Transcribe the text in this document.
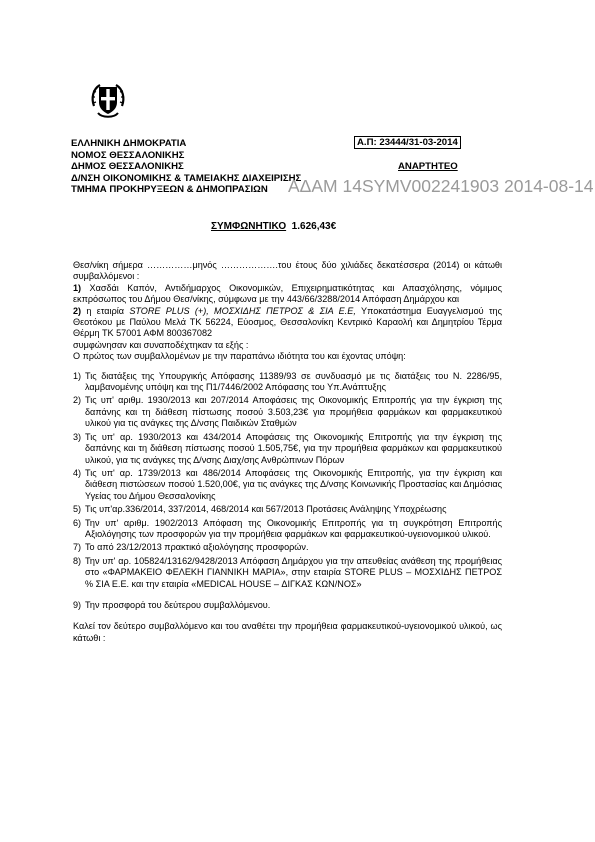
ΕΛΛΗΝΙΚΗ ΔΗΜΟΚΡΑΤΙΑ
ΝΟΜΟΣ ΘΕΣΣΑΛΟΝΙΚΗΣ
ΔΗΜΟΣ ΘΕΣΣΑΛΟΝΙΚΗΣ
Δ/ΝΣΗ ΟΙΚΟΝΟΜΙΚΗΣ & ΤΑΜΕΙΑΚΗΣ ΔΙΑΧΕΙΡΙΣΗΣ
ΤΜΗΜΑ ΠΡΟΚΗΡΥΞΕΩΝ & ΔΗΜΟΠΡΑΣΙΩΝ
Α.Π: 23444/31-03-2014
ΑΝΑΡΤΗΤΕΟ
ΑΔΑΜ 14SYMV002241903 2014-08-14
ΣΥΜΦΩΝΗΤΙΚΟ 1.626,43€

Θεσ/νίκη σήμερα ……………μηνός ……………….του έτους δύο χιλιάδες δεκατέσσερα (2014) οι κάτωθι συμβαλλόμενοι :

1) Χασδάι Καπόν, Αντιδήμαρχος Οικονομικών, Επιχειρηματικότητας και Απασχόλησης, νόμιμος εκπρόσωπος του Δήμου Θεσ/νίκης, σύμφωνα με την 443/66/3288/2014 Απόφαση Δημάρχου και

2) η εταιρία STORE PLUS (+), ΜΟΣΧΙΔΗΣ ΠΕΤΡΟΣ & ΣΙΑ Ε.Ε, Υποκατάστημα Ευαγγελισμού της Θεοτόκου με Παύλου Μελά ΤΚ 56224, Εύοσμος, Θεσσαλονίκη Κεντρικό Καραολή και Δημητρίου Τέρμα Θέρμη ΤΚ 57001 ΑΦΜ 800367082

συμφώνησαν και συναποδέχτηκαν τα εξής :

Ο πρώτος των συμβαλλομένων με την παραπάνω ιδιότητα του και έχοντας υπόψη:

1) Τις διατάξεις της Υπουργικής Απόφασης 11389/93 σε συνδυασμό με τις διατάξεις του Ν. 2286/95, λαμβανομένης υπόψη και της Π1/7446/2002 Απόφασης του Υπ.Ανάπτυξης
2) Τις υπ' αριθμ. 1930/2013 και 207/2014 Αποφάσεις της Οικονομικής Επιτροπής για την έγκριση της δαπάνης και τη διάθεση πίστωσης ποσού 3.503,23€ για προμήθεια φαρμάκων και φαρμακευτικού υλικού για τις ανάγκες της Δ/νσης Παιδικών Σταθμών
3) Τις υπ' αρ. 1930/2013 και 434/2014 Αποφάσεις της Οικονομικής Επιτροπής για την έγκριση της δαπάνης και τη διάθεση πίστωσης ποσού 1.505,75€, για την προμήθεια φαρμάκων και φαρμακευτικού υλικού, για τις ανάγκες της Δ/νσης Διαχ/σης Ανθρώπινων Πόρων
4) Τις υπ' αρ. 1739/2013 και 486/2014 Αποφάσεις της Οικονομικής Επιτροπής, για την έγκριση και διάθεση πιστώσεων ποσού 1.520,00€, για τις ανάγκες της Δ/νσης Κοινωνικής Προστασίας και Δημόσιας Υγείας του Δήμου Θεσσαλονίκης
5) Τις υπ'αρ.336/2014, 337/2014, 468/2014 και 567/2013 Προτάσεις Ανάληψης Υποχρέωσης
6) Την υπ' αριθμ. 1902/2013 Απόφαση της Οικονομικής Επιτροπής για τη συγκρότηση Επιτροπής Αξιολόγησης των προσφορών για την προμήθεια φαρμάκων και φαρμακευτικού-υγειονομικού υλικού.
7) Το από 23/12/2013 πρακτικό αξιολόγησης προσφορών.
8) Την υπ' αρ. 105824/13162/9428/2013 Απόφαση Δημάρχου για την απευθείας ανάθεση της προμήθειας στο «ΦΑΡΜΑΚΕΙΟ ΦΕΛΕΚΗ ΓΙΑΝΝΙΚΗ ΜΑΡΙΑ», στην εταιρία STORE PLUS – ΜΟΣΧΙΔΗΣ ΠΕΤΡΟΣ % ΣΙΑ Ε.Ε. και την εταιρία «MEDICAL HOUSE – ΔΙΓΚΑΣ ΚΩΝ/ΝΟΣ»
9) Την προσφορά του δεύτερου συμβαλλόμενου.

Καλεί τον δεύτερο συμβαλλόμενο και του αναθέτει την προμήθεια φαρμακευτικού-υγειονομικού υλικού, ως κάτωθι :
